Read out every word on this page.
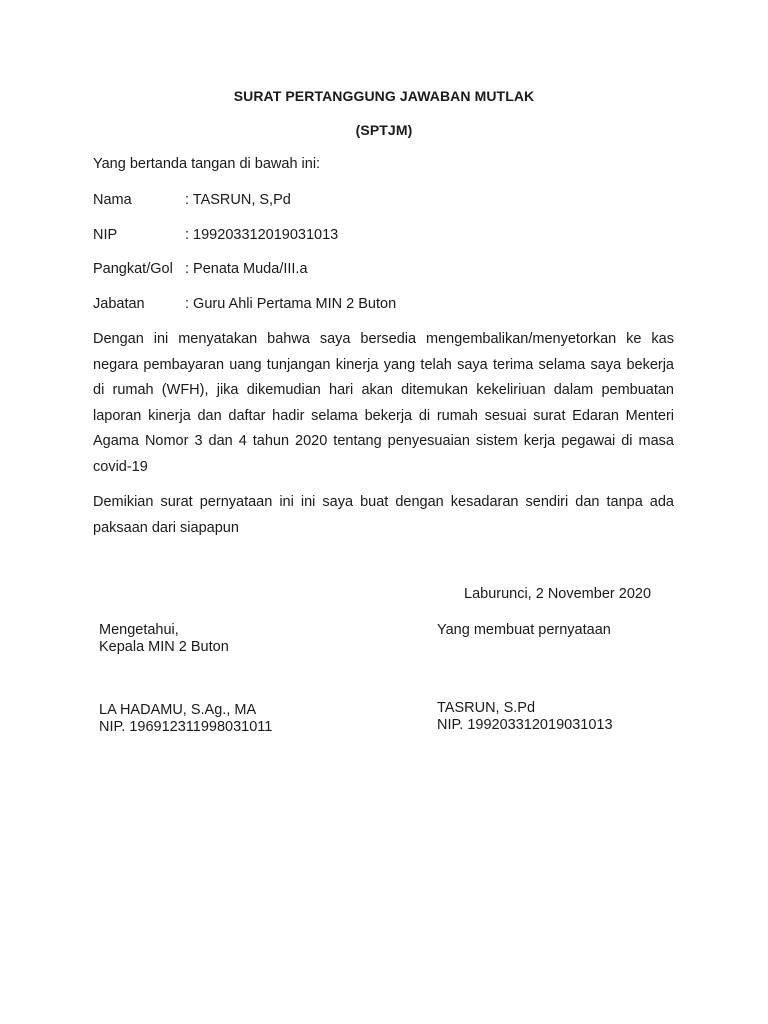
SURAT PERTANGGUNG JAWABAN MUTLAK
(SPTJM)
Yang bertanda tangan di bawah ini:
Nama	: TASRUN, S,Pd
NIP	: 199203312019031013
Pangkat/Gol : Penata Muda/III.a
Jabatan	: Guru Ahli Pertama MIN 2 Buton

Dengan ini menyatakan bahwa saya bersedia mengembalikan/menyetorkan ke kas negara pembayaran uang tunjangan kinerja yang telah saya terima selama saya bekerja di rumah (WFH), jika dikemudian hari akan ditemukan kekeliriuan dalam pembuatan laporan kinerja dan daftar hadir selama bekerja di rumah sesuai surat Edaran Menteri Agama Nomor 3 dan 4 tahun 2020 tentang penyesuaian sistem kerja pegawai di masa covid-19

Demikian surat pernyataan ini ini saya buat dengan kesadaran sendiri dan tanpa ada paksaan dari siapapun

Laburunci, 2 November 2020
Mengetahui,
Kepala MIN 2 Buton
Yang membuat pernyataan
LA HADAMU, S.Ag., MA
NIP. 196912311998031011
TASRUN, S.Pd
NIP. 199203312019031013
